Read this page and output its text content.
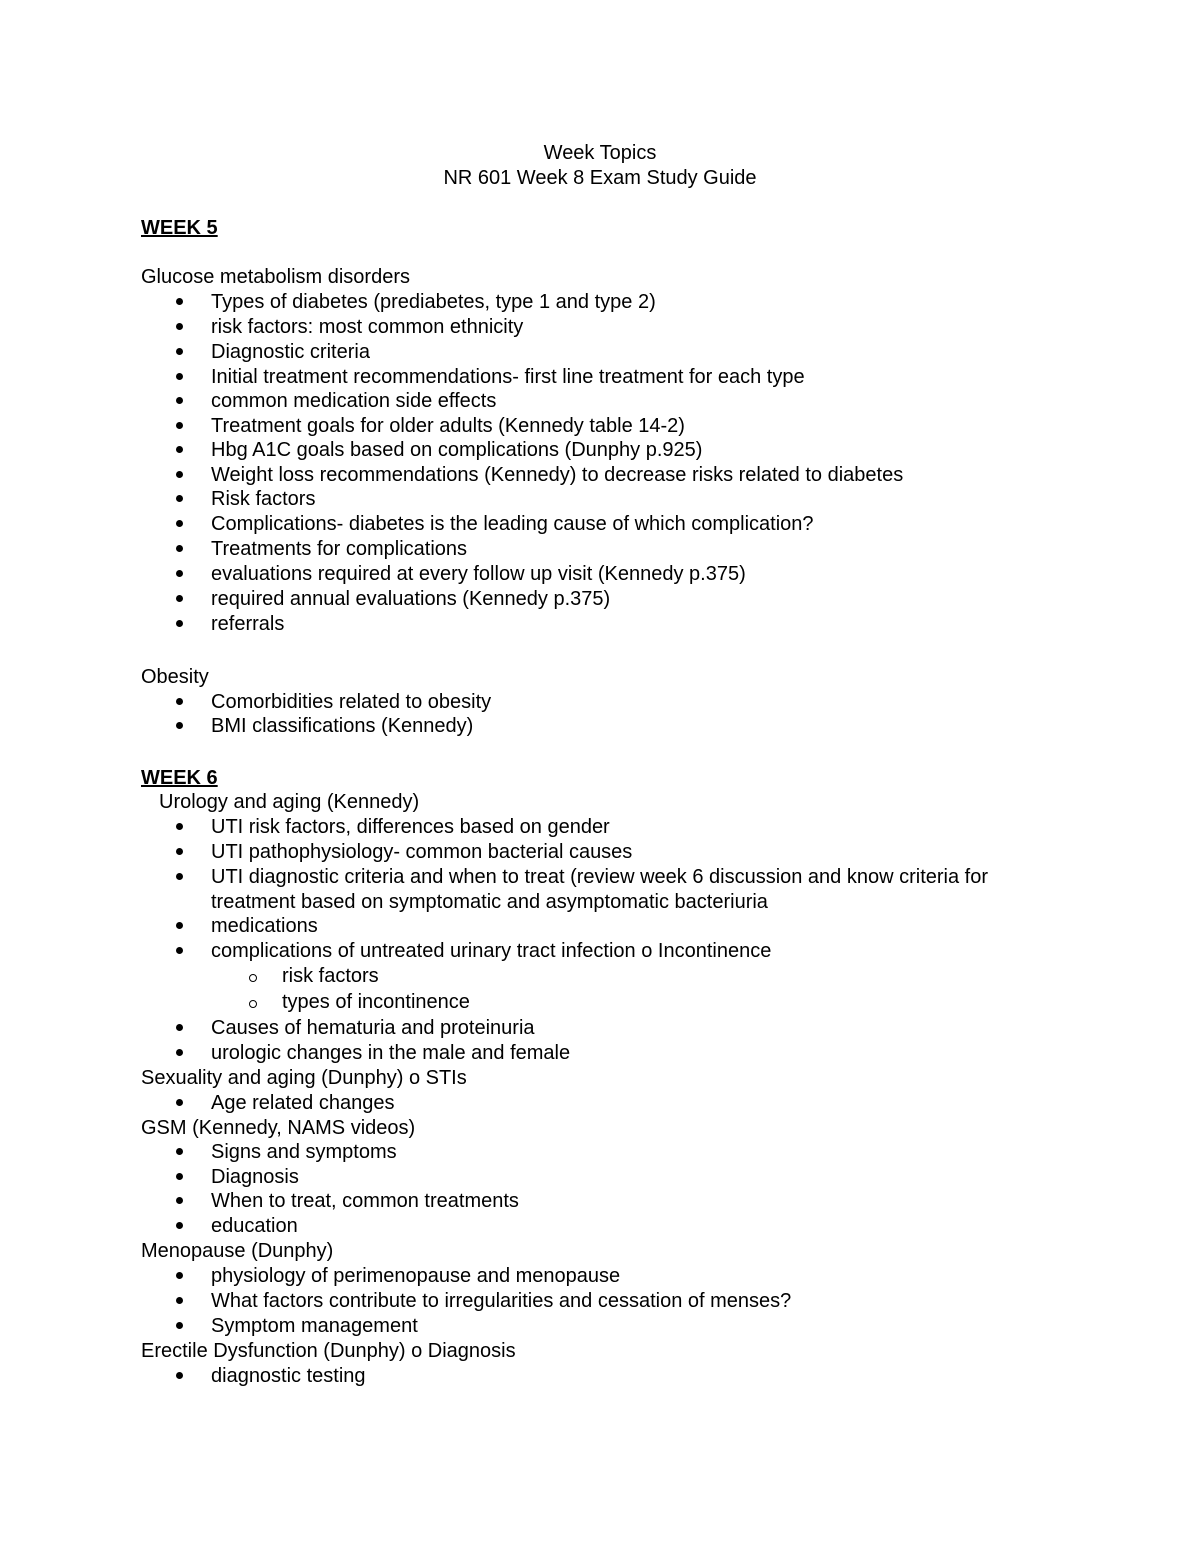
Week Topics
NR 601 Week 8 Exam Study Guide
WEEK 5
Glucose metabolism disorders
Types of diabetes (prediabetes, type 1 and type 2)
risk factors: most common ethnicity
Diagnostic criteria
Initial treatment recommendations- first line treatment for each type
common medication side effects
Treatment goals for older adults (Kennedy table 14-2)
Hbg A1C goals based on complications (Dunphy p.925)
Weight loss recommendations (Kennedy) to decrease risks related to diabetes
Risk factors
Complications- diabetes is the leading cause of which complication?
Treatments for complications
evaluations required at every follow up visit (Kennedy p.375)
required annual evaluations (Kennedy p.375)
referrals
Obesity
Comorbidities related to obesity
BMI classifications (Kennedy)
WEEK 6
Urology and aging (Kennedy)
UTI risk factors, differences based on gender
UTI pathophysiology- common bacterial causes
UTI diagnostic criteria and when to treat (review week 6 discussion and know criteria for
treatment based on symptomatic and asymptomatic bacteriuria
medications
complications of untreated urinary tract infection o Incontinence
risk factors
types of incontinence
Causes of hematuria and proteinuria
urologic changes in the male and female
Sexuality and aging (Dunphy) o STIs
Age related changes
GSM (Kennedy, NAMS videos)
Signs and symptoms
Diagnosis
When to treat, common treatments
education
Menopause (Dunphy)
physiology of perimenopause and menopause
What factors contribute to irregularities and cessation of menses?
Symptom management
Erectile Dysfunction (Dunphy) o Diagnosis
diagnostic testing
